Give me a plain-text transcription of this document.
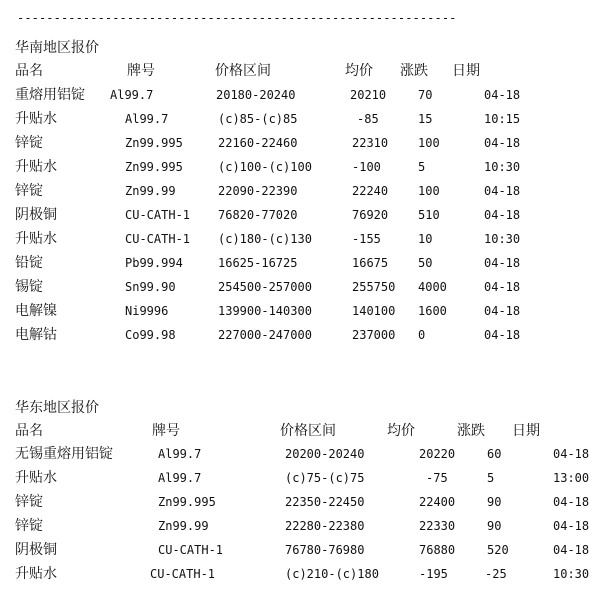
------------------------------------------------------------
华南地区报价
品名	牌号	价格区间	均价 涨跌 日期
重熔用铝锭 Al99.7	20180-20240	20210	70	04-18
升贴水	Al99.7	(c)85-(c)85	-85	15	10:15
锌锭	Zn99.995	22160-22460	22310 100	04-18
升贴水	Zn99.995	(c)100-(c)100	-100	5	10:30
锌锭	Zn99.99	22090-22390	22240 100	04-18
阴极铜	CU-CATH-1 76820-77020	76920 510	04-18
升贴水	CU-CATH-1 (c)180-(c)130	-155	10	10:30
铅锭	Pb99.994	16625-16725	16675 50	04-18
锡锭	Sn99.90	254500-257000	255750 4000	04-18
电解镍	Ni9996	139900-140300	140100 1600	04-18
电解钴	Co99.98	227000-247000	237000 0	04-18
华东地区报价
品名	牌号	价格区间	均价	涨跌 日期
无锡重熔用铝锭	Al99.7	20200-20240	20220	60	04-18
升贴水	Al99.7	(c)75-(c)75	-75	5	13:00
锌锭	Zn99.995	22350-22450	22400	90	04-18
锌锭	Zn99.99	22280-22380	22330	90	04-18
阴极铜	CU-CATH-1	76780-76980	76880	520	04-18
升贴水	CU-CATH-1	(c)210-(c)180	-195	-25	10:30
